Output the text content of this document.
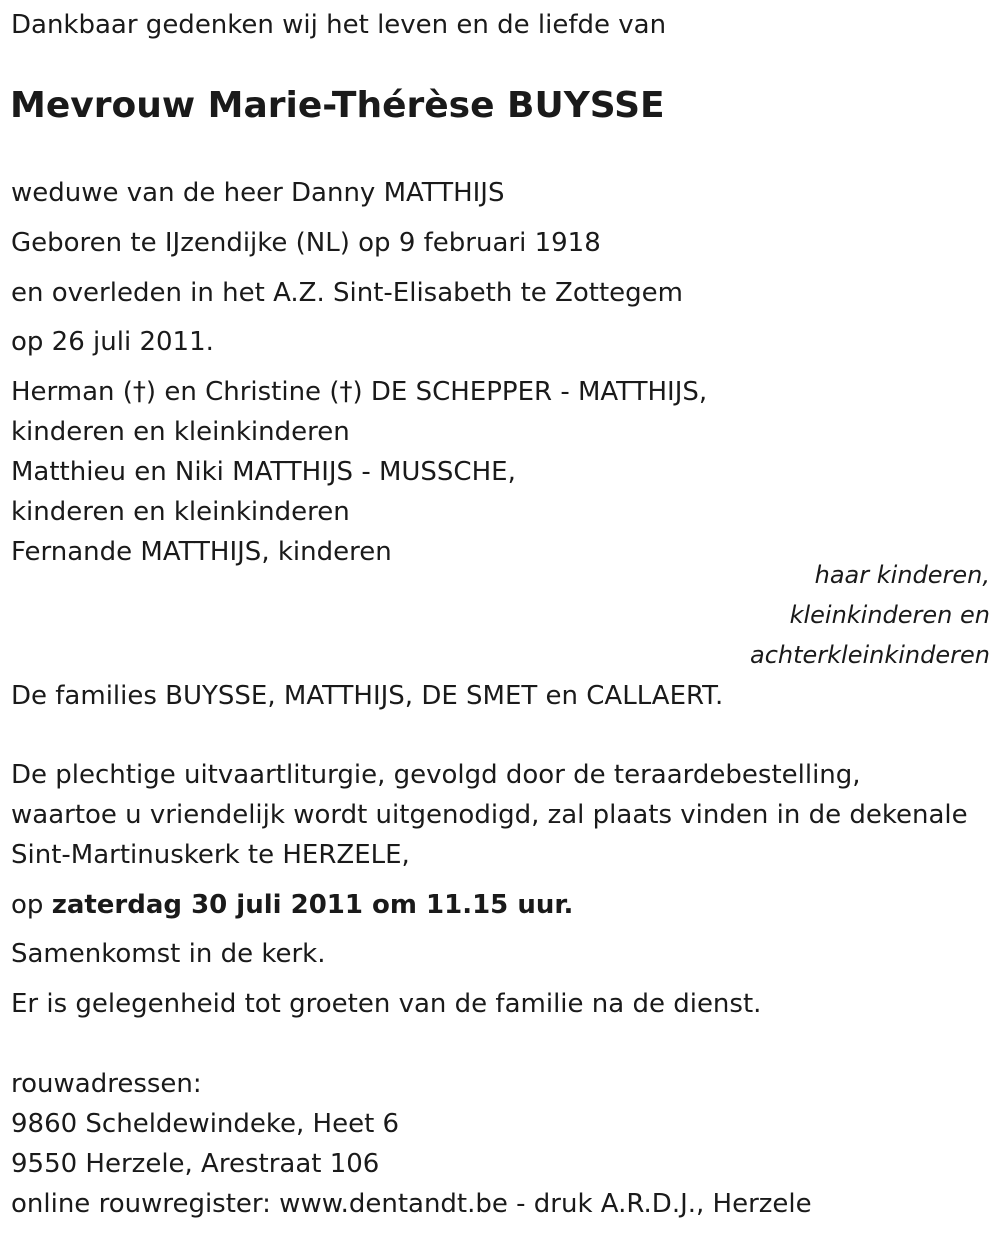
Dankbaar gedenken wij het leven en de liefde van
Mevrouw Marie-Thérèse BUYSSE
weduwe van de heer Danny MATTHIJS
Geboren te IJzendijke (NL) op 9 februari 1918
en overleden in het A.Z. Sint-Elisabeth te Zottegem
op 26 juli 2011.
Herman (†) en Christine (†) DE SCHEPPER - MATTHIJS,
kinderen en kleinkinderen
Matthieu en Niki MATTHIJS - MUSSCHE,
kinderen en kleinkinderen
Fernande MATTHIJS, kinderen
haar kinderen,
kleinkinderen en
achterkleinkinderen
De families BUYSSE, MATTHIJS, DE SMET en CALLAERT.
De plechtige uitvaartliturgie, gevolgd door de teraardebestelling,
waartoe u vriendelijk wordt uitgenodigd, zal plaats vinden in de dekenale
Sint-Martinuskerk te HERZELE,
op zaterdag 30 juli 2011 om 11.15 uur.
Samenkomst in de kerk.
Er is gelegenheid tot groeten van de familie na de dienst.
rouwadressen:
9860 Scheldewindeke, Heet 6
9550 Herzele, Arestraat 106
online rouwregister: www.dentandt.be - druk A.R.D.J., Herzele
